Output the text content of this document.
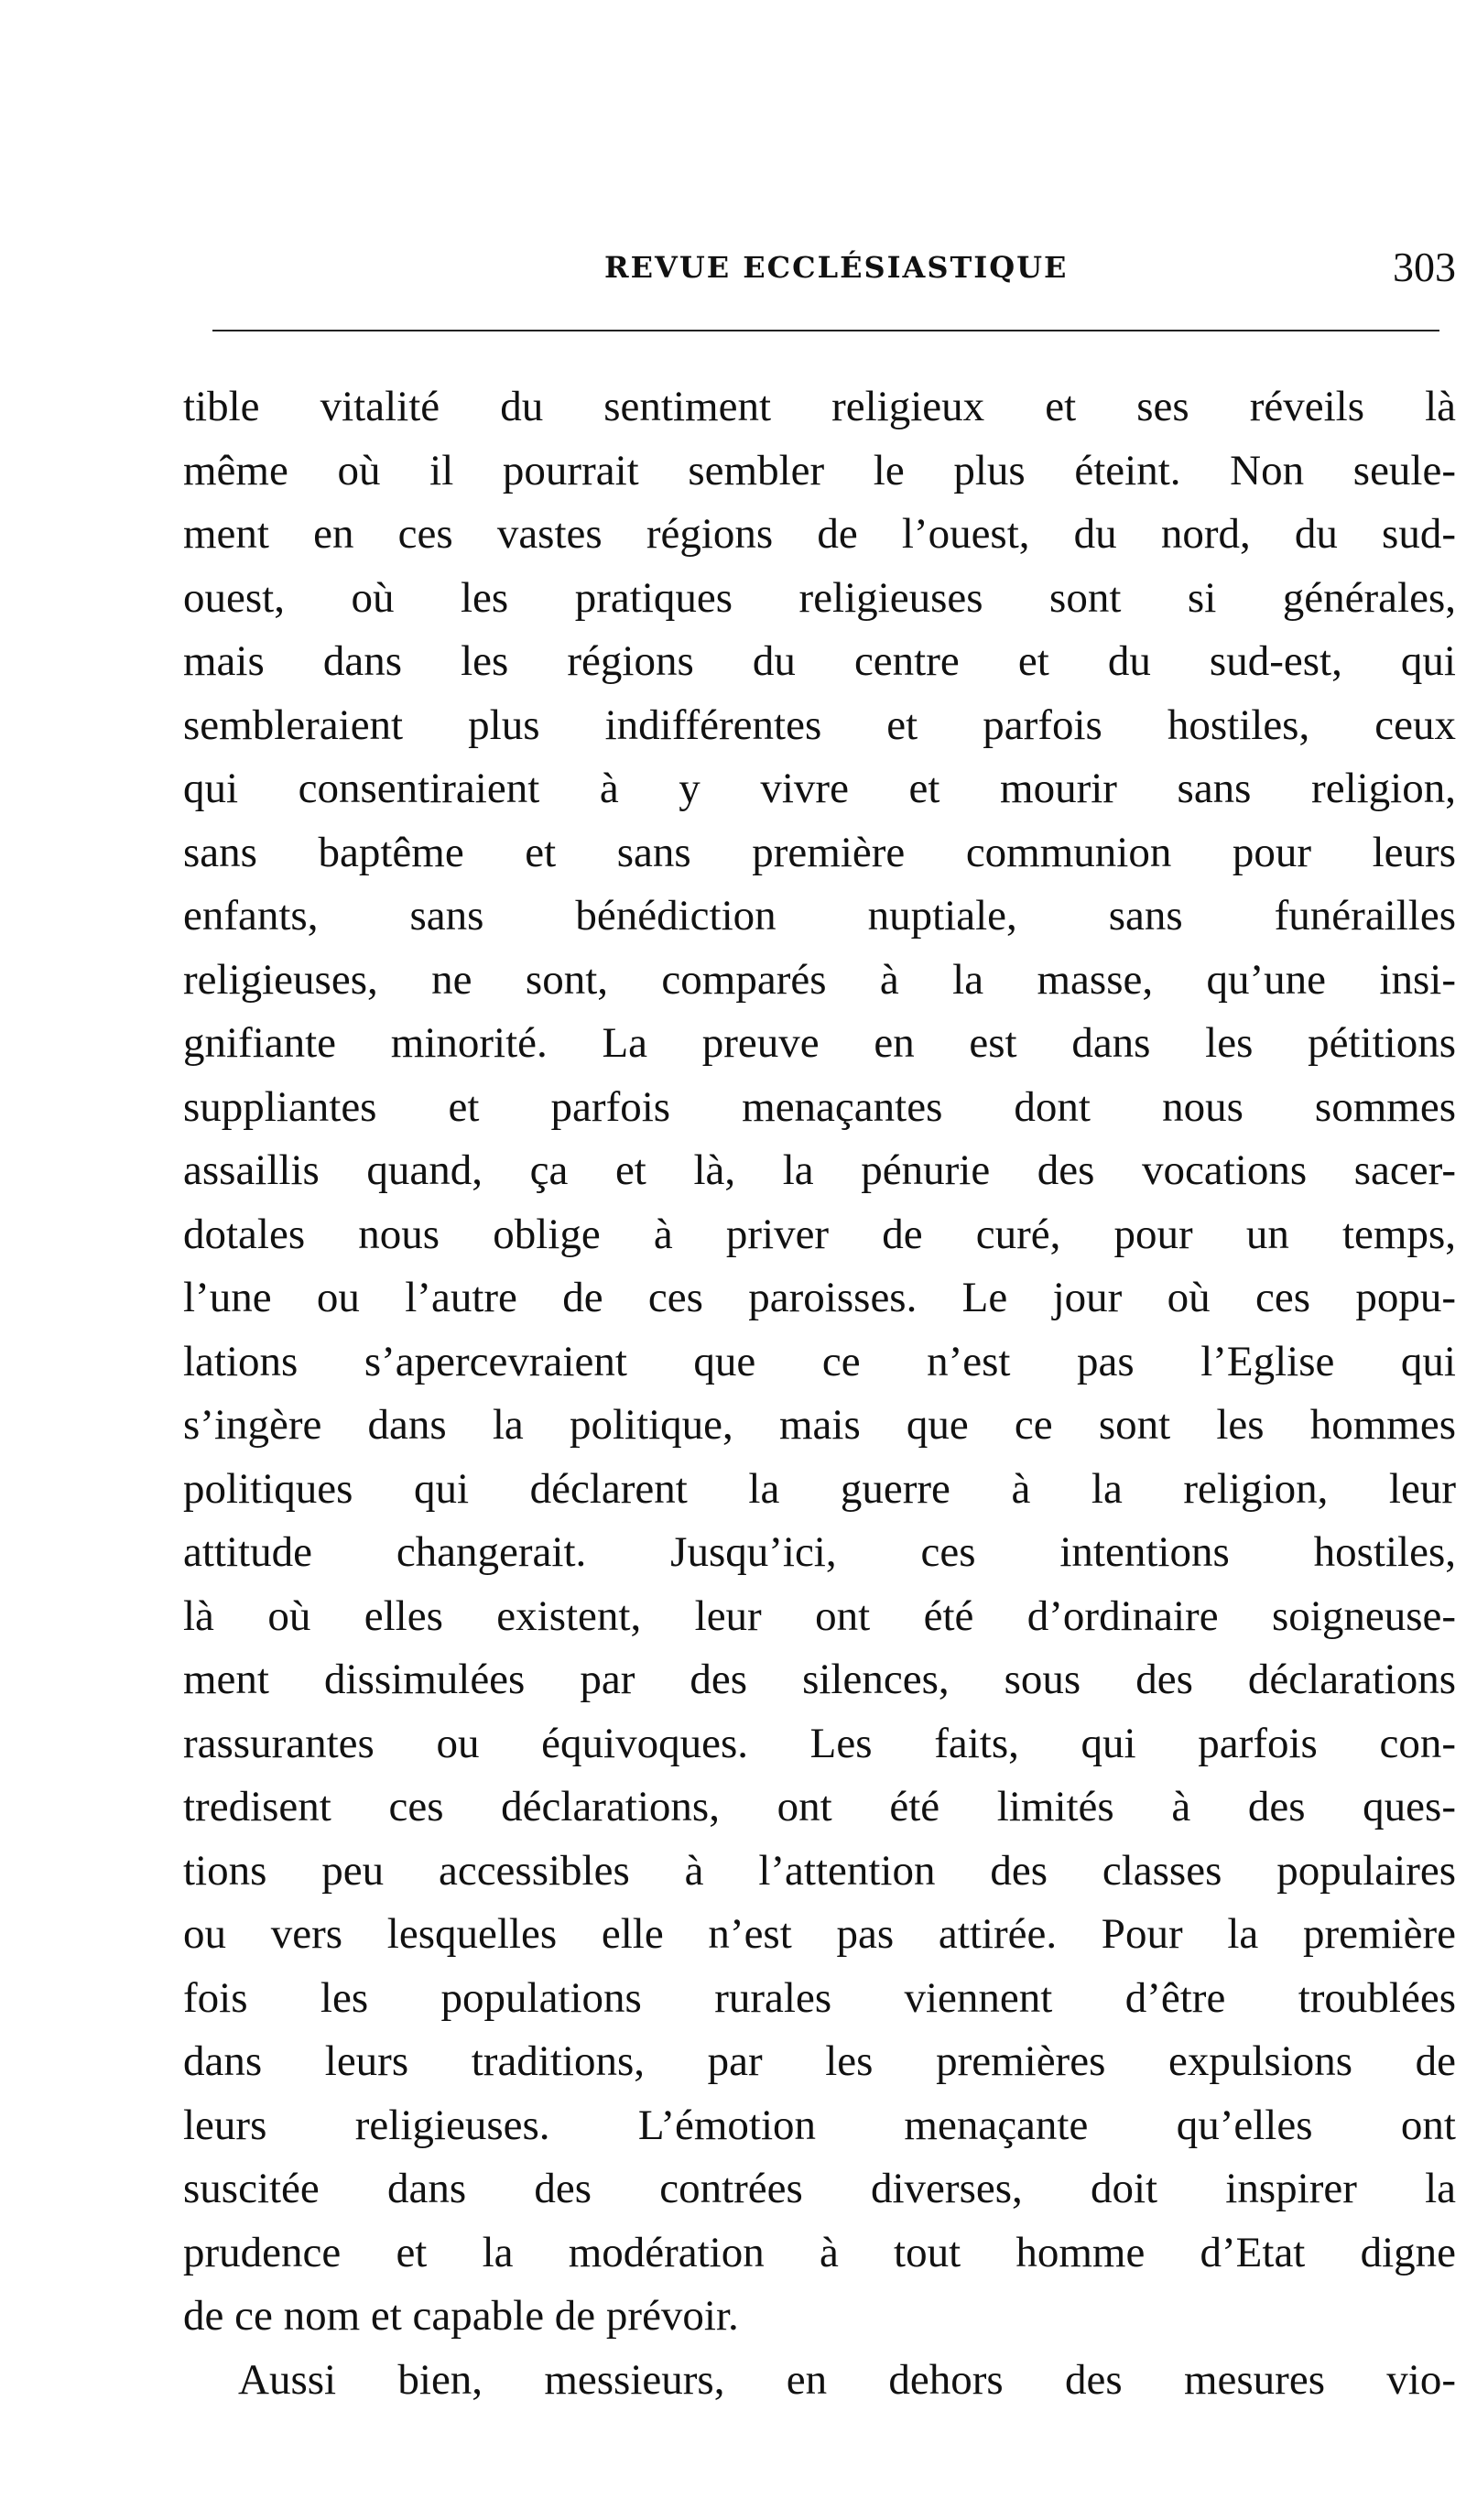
REVUE ECCLÉSIASTIQUE	303
tible vitalité du sentiment religieux et ses réveils là
même où il pourrait sembler le plus éteint. Non seule-
ment en ces vastes régions de l’ouest, du nord, du sud-
ouest, où les pratiques religieuses sont si générales,
mais dans les régions du centre et du sud-est, qui
sembleraient plus indifférentes et parfois hostiles, ceux
qui consentiraient à y vivre et mourir sans religion,
sans baptême et sans première communion pour leurs
enfants, sans bénédiction nuptiale, sans funérailles
religieuses, ne sont, comparés à la masse, qu’une insi-
gnifiante minorité. La preuve en est dans les pétitions
suppliantes et parfois menaçantes dont nous sommes
assaillis quand, ça et là, la pénurie des vocations sacer-
dotales nous oblige à priver de curé, pour un temps,
l’une ou l’autre de ces paroisses. Le jour où ces popu-
lations s’apercevraient que ce n’est pas l’Eglise qui
s’ingère dans la politique, mais que ce sont les hommes
politiques qui déclarent la guerre à la religion, leur
attitude changerait. Jusqu’ici, ces intentions hostiles,
là où elles existent, leur ont été d’ordinaire soigneuse-
ment dissimulées par des silences, sous des déclarations
rassurantes ou équivoques. Les faits, qui parfois con-
tredisent ces déclarations, ont été limités à des ques-
tions peu accessibles à l’attention des classes populaires
ou vers lesquelles elle n’est pas attirée. Pour la première
fois les populations rurales viennent d’être troublées
dans leurs traditions, par les premières expulsions de
leurs religieuses. L’émotion menaçante qu’elles ont
suscitée dans des contrées diverses, doit inspirer la
prudence et la modération à tout homme d’Etat digne
de ce nom et capable de prévoir.
Aussi bien, messieurs, en dehors des mesures vio-
